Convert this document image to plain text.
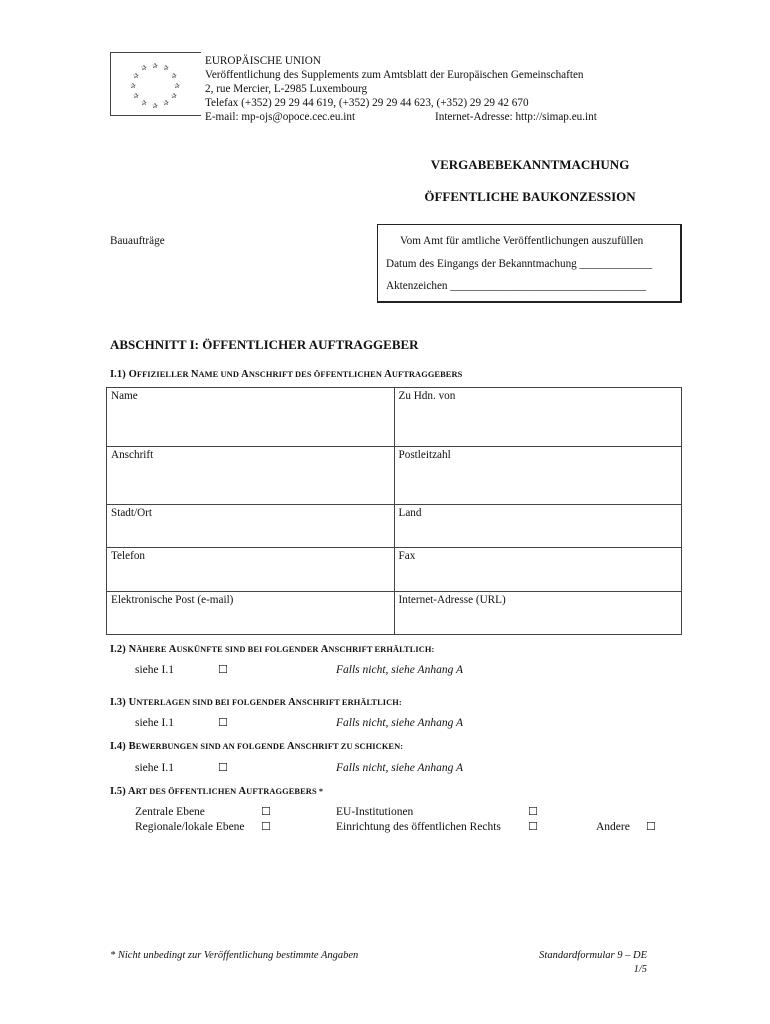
✰ ✰
✰
✰
✰
✰
✰
✰
✰
✰
✰ ✰
EUROPÄISCHE UNION
Veröffentlichung des Supplements zum Amtsblatt der Europäischen Gemeinschaften
2, rue Mercier, L-2985 Luxembourg
Telefax (+352) 29 29 44 619, (+352) 29 29 44 623, (+352) 29 29 42 670
E-mail: mp-ojs@opoce.cec.eu.int	Internet-Adresse: http://simap.eu.int
VERGABEBEKANNTMACHUNG
ÖFFENTLICHE BAUKONZESSION
Bauaufträge	Vom Amt für amtliche Veröffentlichungen auszufüllen
Datum des Eingangs der Bekanntmachung _____________
Aktenzeichen ___________________________________
ABSCHNITT I: ÖFFENTLICHER AUFTRAGGEBER
I.1) OFFIZIELLER NAME UND ANSCHRIFT DES ÖFFENTLICHEN AUFTRAGGEBERS
Name	Zu Hdn. von
Anschrift	Postleitzahl
Stadt/Ort	Land
Telefon	Fax
Elektronische Post (e-mail)	Internet-Adresse (URL)
I.2) NÄHERE AUSKÜNFTE SIND BEI FOLGENDER ANSCHRIFT ERHÄLTLICH:
siehe I.1	☐	Falls nicht, siehe Anhang A
I.3) UNTERLAGEN SIND BEI FOLGENDER ANSCHRIFT ERHÄLTLICH:
siehe I.1	☐	Falls nicht, siehe Anhang A
I.4) BEWERBUNGEN SIND AN FOLGENDE ANSCHRIFT ZU SCHICKEN:
siehe I.1	☐	Falls nicht, siehe Anhang A
I.5) ART DES ÖFFENTLICHEN AUFTRAGGEBERS *
Zentrale Ebene	☐	EU-Institutionen	☐
Regionale/lokale Ebene ☐	Einrichtung des öffentlichen Rechts ☐	Andere ☐
* Nicht unbedingt zur Veröffentlichung bestimmte Angaben	Standardformular 9 – DE
1/5
